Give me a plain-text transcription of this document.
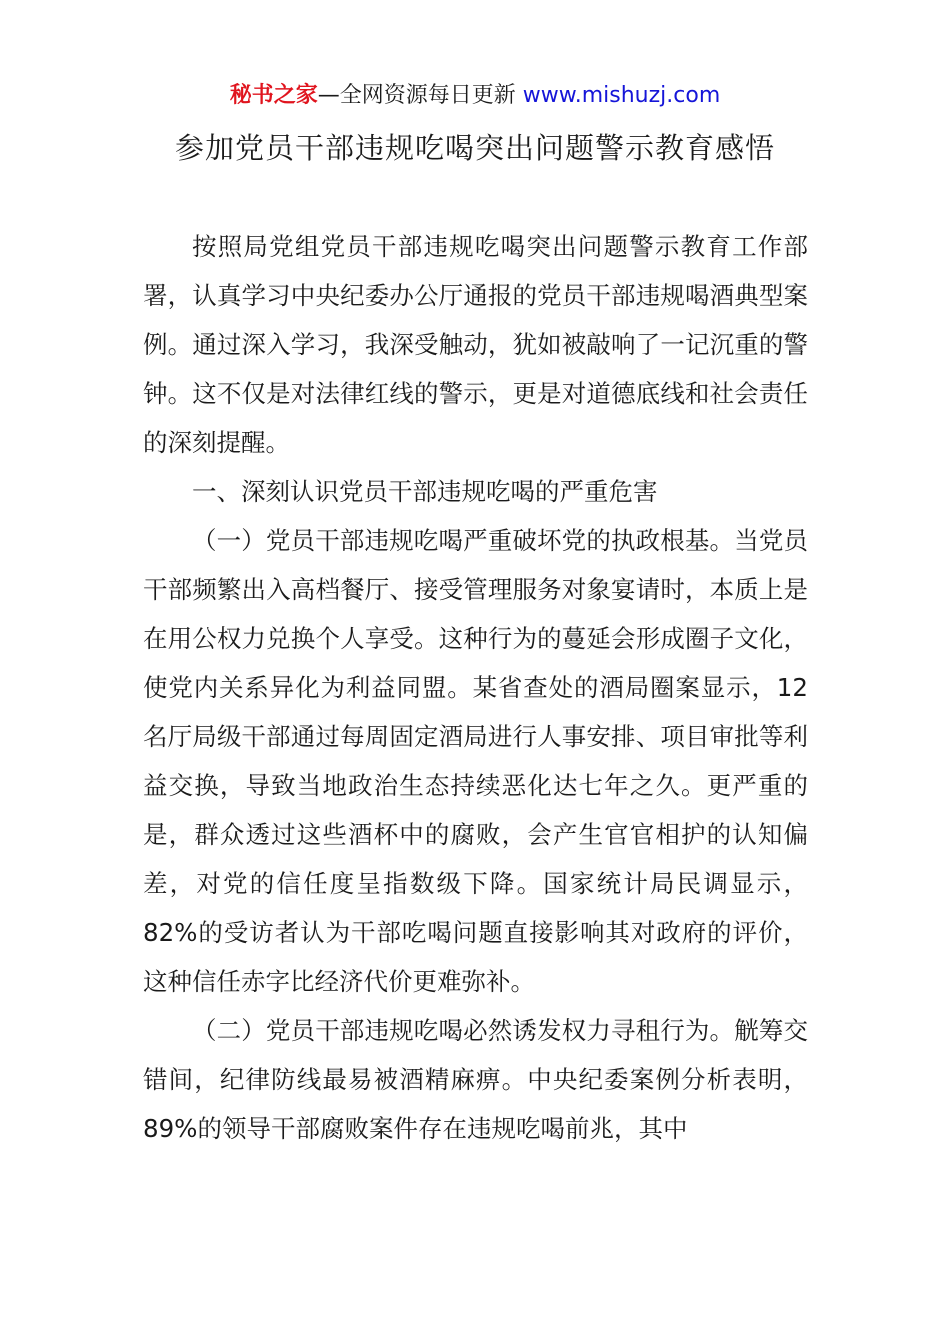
秘书之家—全网资源每日更新 www.mishuzj.com
参加党员干部违规吃喝突出问题警示教育感悟

按照局党组党员干部违规吃喝突出问题警示教育工作部署，认真学习中央纪委办公厅通报的党员干部违规喝酒典型案例。通过深入学习，我深受触动，犹如被敲响了一记沉重的警钟。这不仅是对法律红线的警示，更是对道德底线和社会责任的深刻提醒。

一、深刻认识党员干部违规吃喝的严重危害

（一）党员干部违规吃喝严重破坏党的执政根基。当党员干部频繁出入高档餐厅、接受管理服务对象宴请时，本质上是在用公权力兑换个人享受。这种行为的蔓延会形成圈子文化，使党内关系异化为利益同盟。某省查处的酒局圈案显示，12名厅局级干部通过每周固定酒局进行人事安排、项目审批等利益交换，导致当地政治生态持续恶化达七年之久。更严重的是，群众透过这些酒杯中的腐败，会产生官官相护的认知偏差，对党的信任度呈指数级下降。国家统计局民调显示，82%的受访者认为干部吃喝问题直接影响其对政府的评价，这种信任赤字比经济代价更难弥补。

（二）党员干部违规吃喝必然诱发权力寻租行为。觥筹交错间，纪律防线最易被酒精麻痹。中央纪委案例分析表明，89%的领导干部腐败案件存在违规吃喝前兆，其中
